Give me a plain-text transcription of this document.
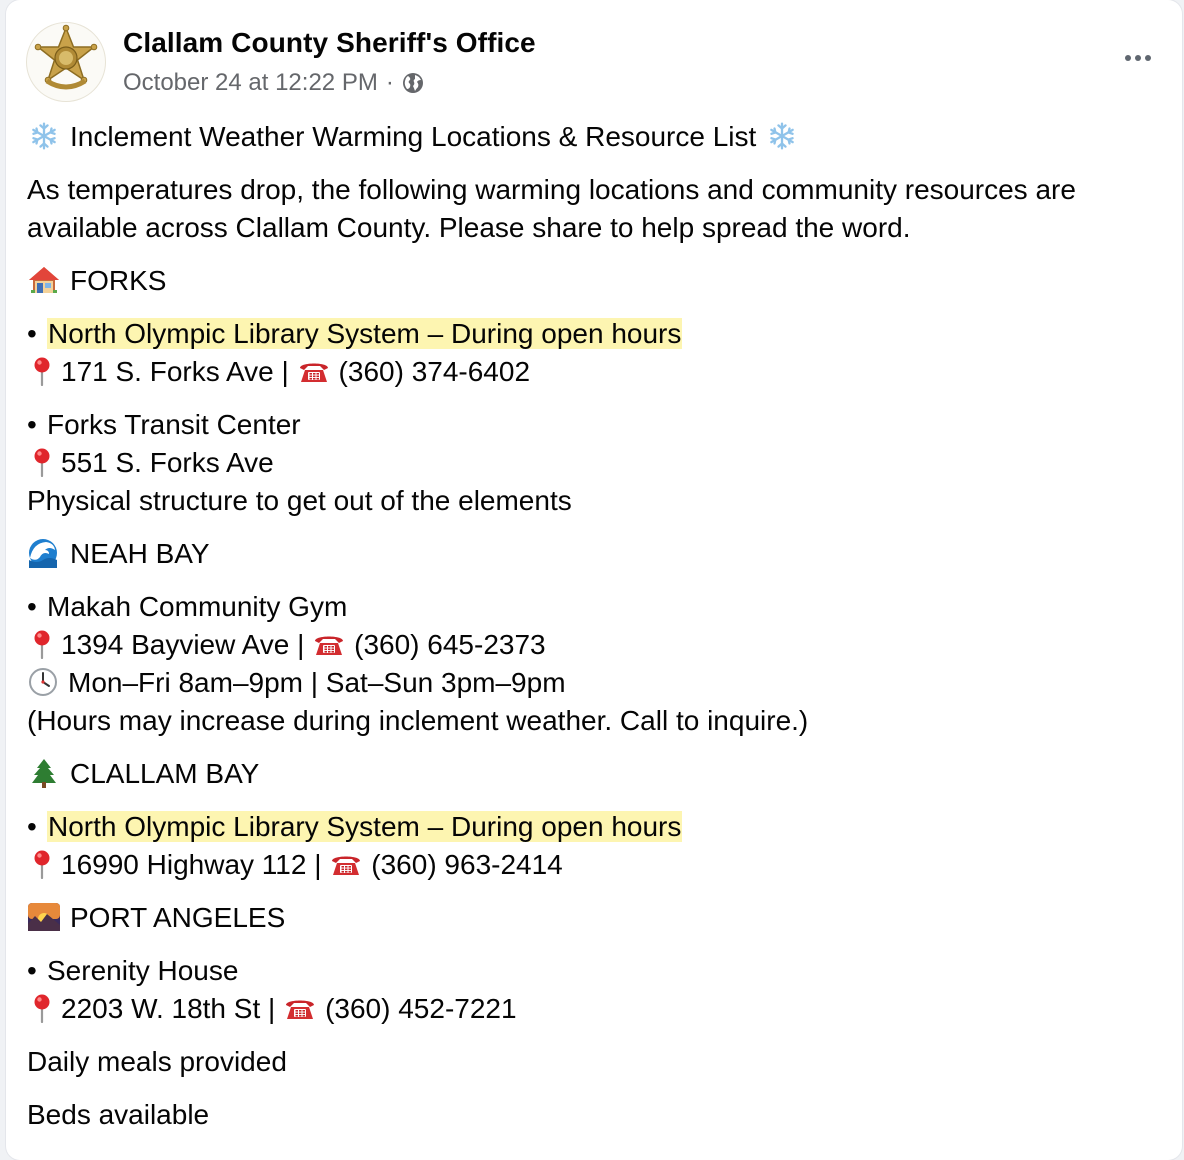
Clallam County Sheriff's Office
October 24 at 12:22 PM ·
Inclement Weather Warming Locations & Resource List
As temperatures drop, the following warming locations and community resources are available across Clallam County. Please share to help spread the word.
FORKS
• North Olympic Library System – During open hours
171 S. Forks Ave |
(360) 374-6402
• Forks Transit Center
551 S. Forks Ave
Physical structure to get out of the elements
NEAH BAY
• Makah Community Gym
1394 Bayview Ave |
(360) 645-2373
Mon–Fri 8am–9pm | Sat–Sun 3pm–9pm
(Hours may increase during inclement weather. Call to inquire.)
CLALLAM BAY
• North Olympic Library System – During open hours
16990 Highway 112 |
(360) 963-2414
PORT ANGELES
• Serenity House
2203 W. 18th St |
(360) 452-7221
Daily meals provided
Beds available
